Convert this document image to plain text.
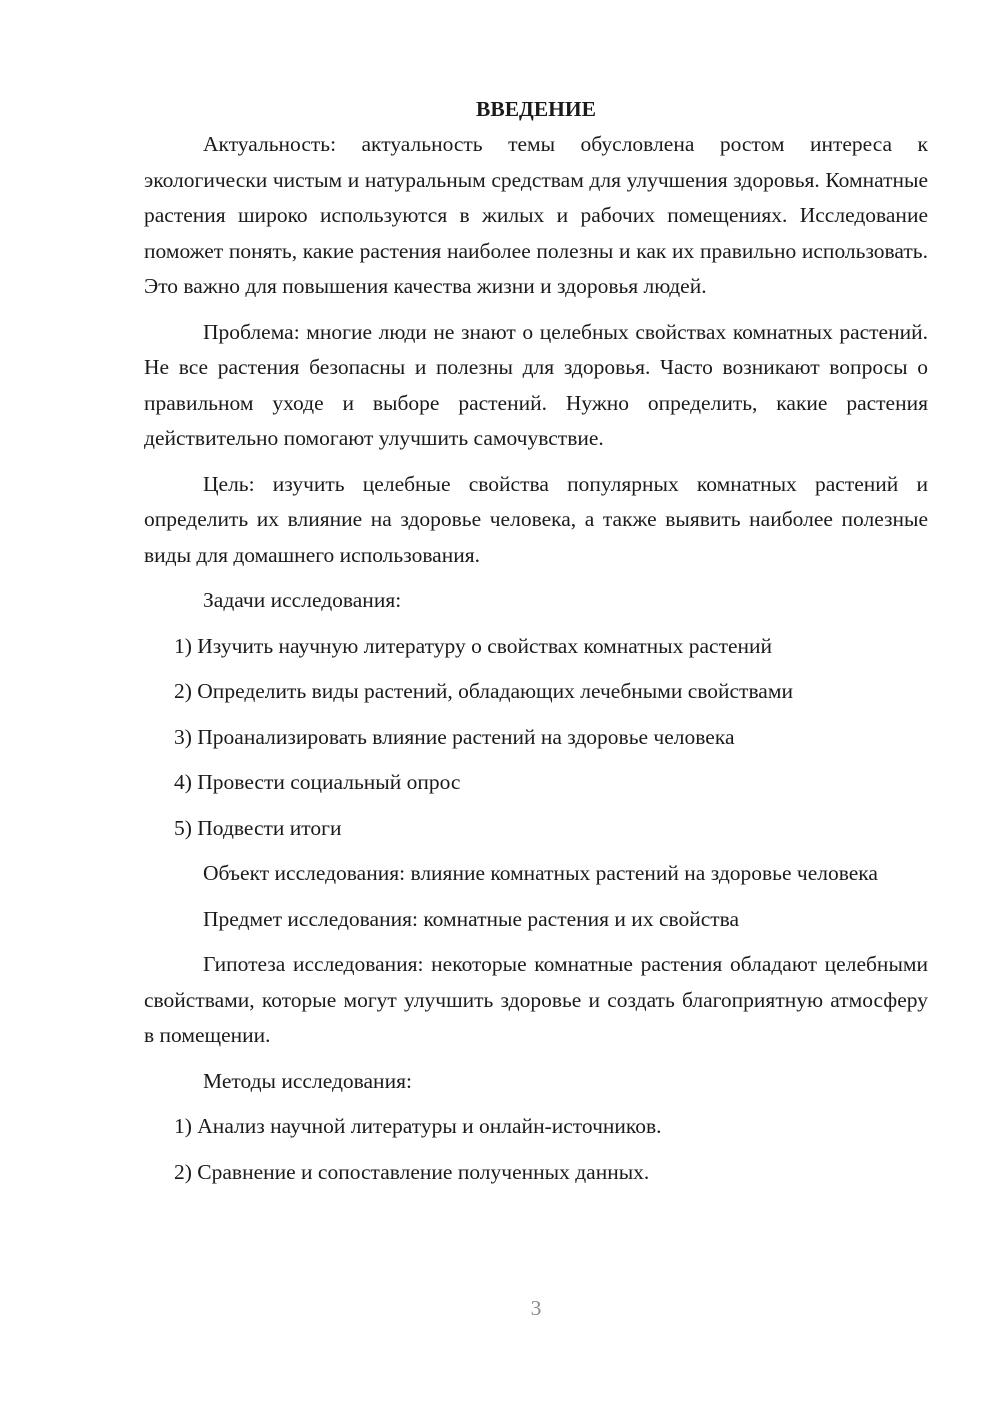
ВВЕДЕНИЕ

Актуальность: актуальность темы обусловлена ростом интереса к экологически чистым и натуральным средствам для улучшения здоровья. Комнатные растения широко используются в жилых и рабочих помещениях. Исследование поможет понять, какие растения наиболее полезны и как их правильно использовать. Это важно для повышения качества жизни и здоровья людей.

Проблема: многие люди не знают о целебных свойствах комнатных растений. Не все растения безопасны и полезны для здоровья. Часто возникают вопросы о правильном уходе и выборе растений. Нужно определить, какие растения действительно помогают улучшить самочувствие.

Цель: изучить целебные свойства популярных комнатных растений и определить их влияние на здоровье человека, а также выявить наиболее полезные виды для домашнего использования.

Задачи исследования:

1) Изучить научную литературу о свойствах комнатных растений
2) Определить виды растений, обладающих лечебными свойствами
3) Проанализировать влияние растений на здоровье человека
4) Провести социальный опрос
5) Подвести итоги

Объект исследования: влияние комнатных растений на здоровье человека

Предмет исследования: комнатные растения и их свойства

Гипотеза исследования: некоторые комнатные растения обладают целебными свойствами, которые могут улучшить здоровье и создать благоприятную атмосферу в помещении.

Методы исследования:

1) Анализ научной литературы и онлайн-источников.
2) Сравнение и сопоставление полученных данных.
3
